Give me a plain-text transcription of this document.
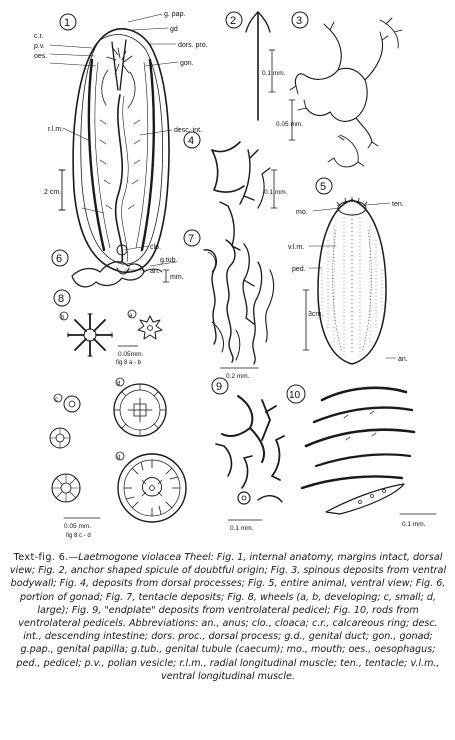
1
g. pap.
gd
dors. pro.
gon.
desc. int.
c.r.
p.v.
oes.
r.l.m.
clo.
an.
2 cm.
2
0.1 mm.
3
0.05 mm.
4
0.1 mm.	5
mo.
ten.
v.l.m.
ped.
an.
3cm.
6	g.tub.
mm.
7
0.2 mm.
8
b	a
0.05mm.
fig 8 a - b
c
d
d
0.05 mm.
fig 8 c - d
9
0.1 mm.
10
0.1 mm.
Text-fig. 6.—Laetmogone violacea Theel: Fig. 1, internal anatomy, margins intact, dorsal view; Fig. 2, anchor shaped spicule of doubtful origin; Fig. 3, spinous deposits from ventral bodywall; Fig. 4, deposits from dorsal processes; Fig. 5, entire animal, ventral view; Fig. 6, portion of gonad; Fig. 7, tentacle deposits; Fig. 8, wheels (a, b, developing; c, small; d, large); Fig. 9, "endplate" deposits from ventrolateral pedicel; Fig. 10, rods from ventrolateral pedicels. Abbreviations: an., anus; clo., cloaca; c.r., calcareous ring; desc. int., descending intestine; dors. proc., dorsal process; g.d., genital duct; gon., gonad; g.pap., genital papilla; g.tub., genital tubule (caecum); mo., mouth; oes., oesophagus; ped., pedicel; p.v., polian vesicle; r.l.m., radial longitudinal muscle; ten., tentacle; v.l.m., ventral longitudinal muscle.
